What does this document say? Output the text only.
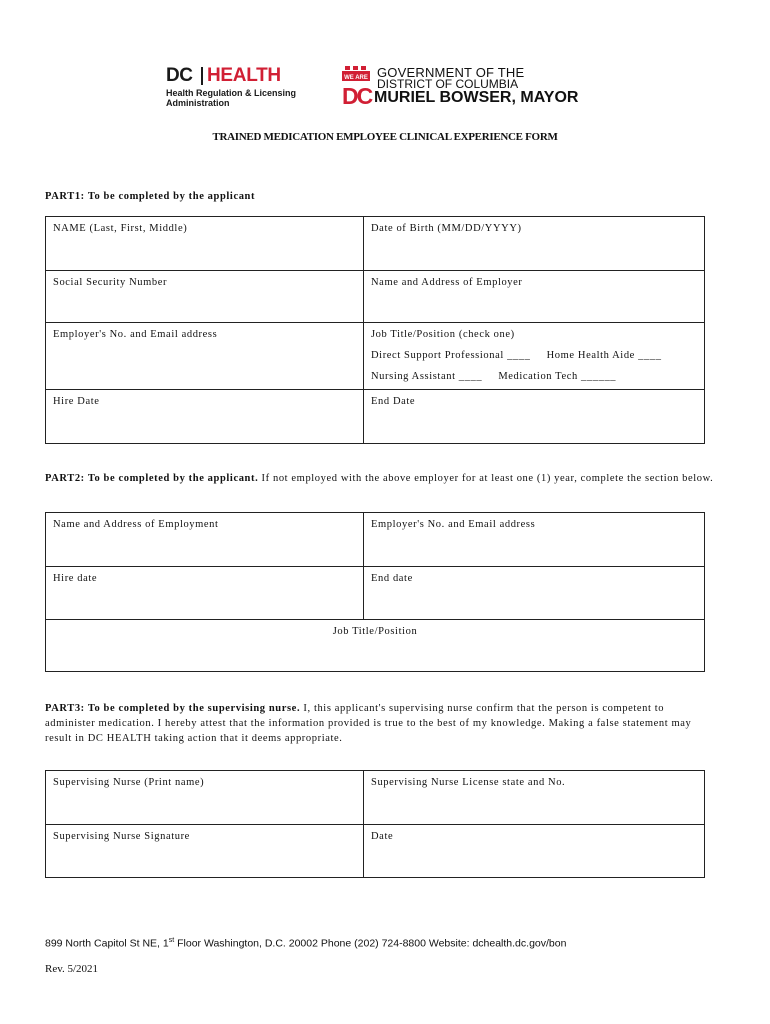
DC HEALTH
Health Regulation & Licensing
Administration
WE ARE
DC
GOVERNMENT OF THE
DISTRICT OF COLUMBIA
MURIEL BOWSER, MAYOR
TRAINED MEDICATION EMPLOYEE CLINICAL EXPERIENCE FORM
PART1: To be completed by the applicant
NAME (Last, First, Middle)	Date of Birth (MM/DD/YYYY)
Social Security Number	Name and Address of Employer
Employer's No. and Email address	Job Title/Position (check one)
Direct Support Professional ____     Home Health Aide ____
Nursing Assistant ____     Medication Tech ______

Hire Date	End Date
PART2: To be completed by the applicant. If not employed with the above employer for at least one (1) year, complete the section below.
Name and Address of Employment	Employer's No. and Email address
Hire date	End date
Job Title/Position	
PART3: To be completed by the supervising nurse. I, this applicant's supervising nurse confirm that the person is competent to administer medication. I hereby attest that the information provided is true to the best of my knowledge. Making a false statement may result in DC HEALTH taking action that it deems appropriate.
Supervising Nurse (Print name)	Supervising Nurse License state and No.
Supervising Nurse Signature	Date
899 North Capitol St NE, 1st Floor Washington, D.C. 20002 Phone (202) 724-8800 Website: dchealth.dc.gov/bon
Rev. 5/2021
